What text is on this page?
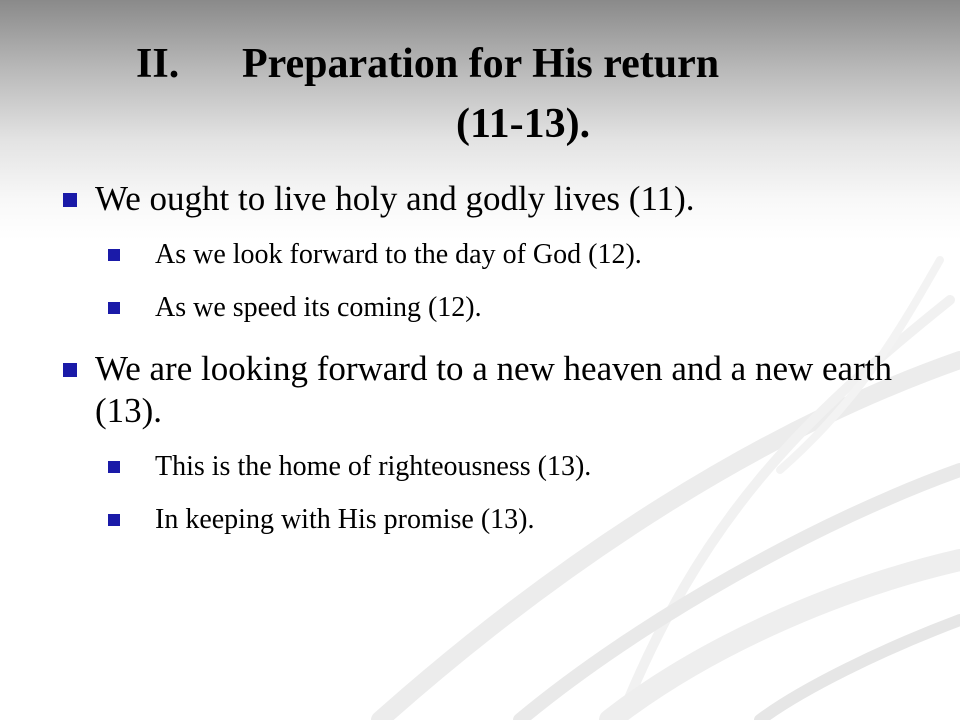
II.	Preparation for His return
(11-13).
We ought to live holy and godly lives (11).
As we look forward to the day of God (12).
As we speed its coming (12).
We are looking forward to a new heaven and a new earth (13).
This is the home of righteousness (13).
In keeping with His promise (13).
